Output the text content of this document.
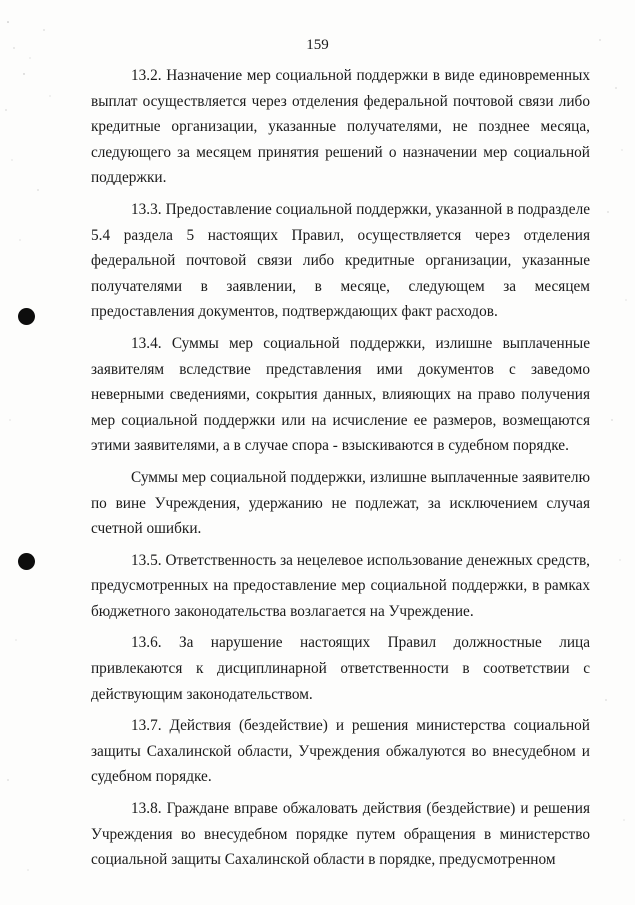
159

13.2. Назначение мер социальной поддержки в виде единовременных выплат осуществляется через отделения федеральной почтовой связи либо кредитные организации, указанные получателями, не позднее месяца, следующего за месяцем принятия решений о назначении мер социальной поддержки.

13.3. Предоставление социальной поддержки, указанной в подразделе 5.4 раздела 5 настоящих Правил, осуществляется через отделения федеральной почтовой связи либо кредитные организации, указанные получателями в заявлении, в месяце, следующем за месяцем предоставления документов, подтверждающих факт расходов.

13.4. Суммы мер социальной поддержки, излишне выплаченные заявителям вследствие представления ими документов с заведомо неверными сведениями, сокрытия данных, влияющих на право получения мер социальной поддержки или на исчисление ее размеров, возмещаются этими заявителями, а в случае спора - взыскиваются в судебном порядке.

Суммы мер социальной поддержки, излишне выплаченные заявителю по вине Учреждения, удержанию не подлежат, за исключением случая счетной ошибки.

13.5. Ответственность за нецелевое использование денежных средств, предусмотренных на предоставление мер социальной поддержки, в рамках бюджетного законодательства возлагается на Учреждение.

13.6. За нарушение настоящих Правил должностные лица привлекаются к дисциплинарной ответственности в соответствии с действующим законодательством.

13.7. Действия (бездействие) и решения министерства социальной защиты Сахалинской области, Учреждения обжалуются во внесудебном и судебном порядке.

13.8. Граждане вправе обжаловать действия (бездействие) и решения Учреждения во внесудебном порядке путем обращения в министерство социальной защиты Сахалинской области в порядке, предусмотренном
